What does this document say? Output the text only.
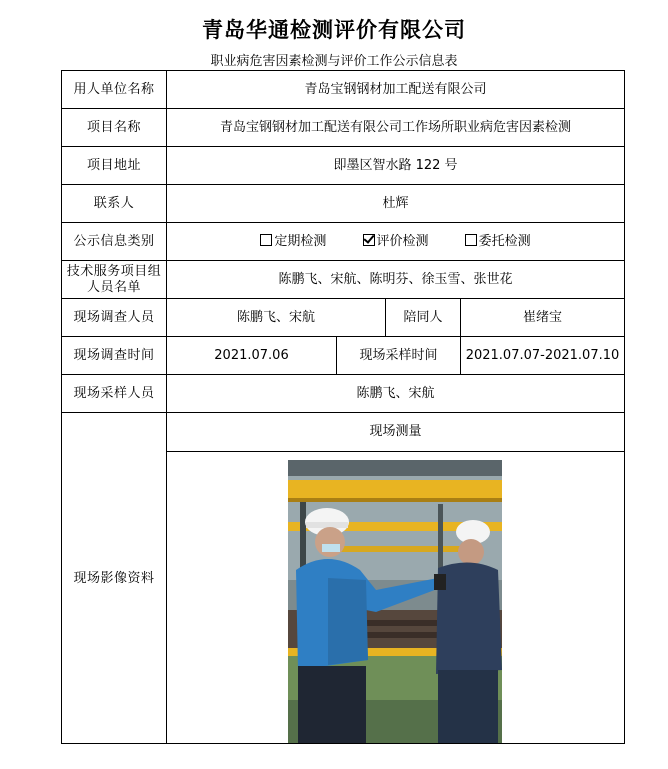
青岛华通检测评价有限公司
职业病危害因素检测与评价工作公示信息表
用人单位名称	青岛宝钢钢材加工配送有限公司			
项目名称	青岛宝钢钢材加工配送有限公司工作场所职业病危害因素检测			
项目地址	即墨区智水路 122 号			
联系人	杜辉			
公示信息类别	定期检测 评价检测 委托检测			
技术服务项目组人员名单	陈鹏飞、宋航、陈明芬、徐玉雪、张世花			
现场调查人员	陈鹏飞、宋航		陪同人	崔绪宝
现场调查时间	2021.07.06	现场采样时间		2021.07.07-2021.07.10
现场采样人员	陈鹏飞、宋航			
现场影像资料	现场测量			
